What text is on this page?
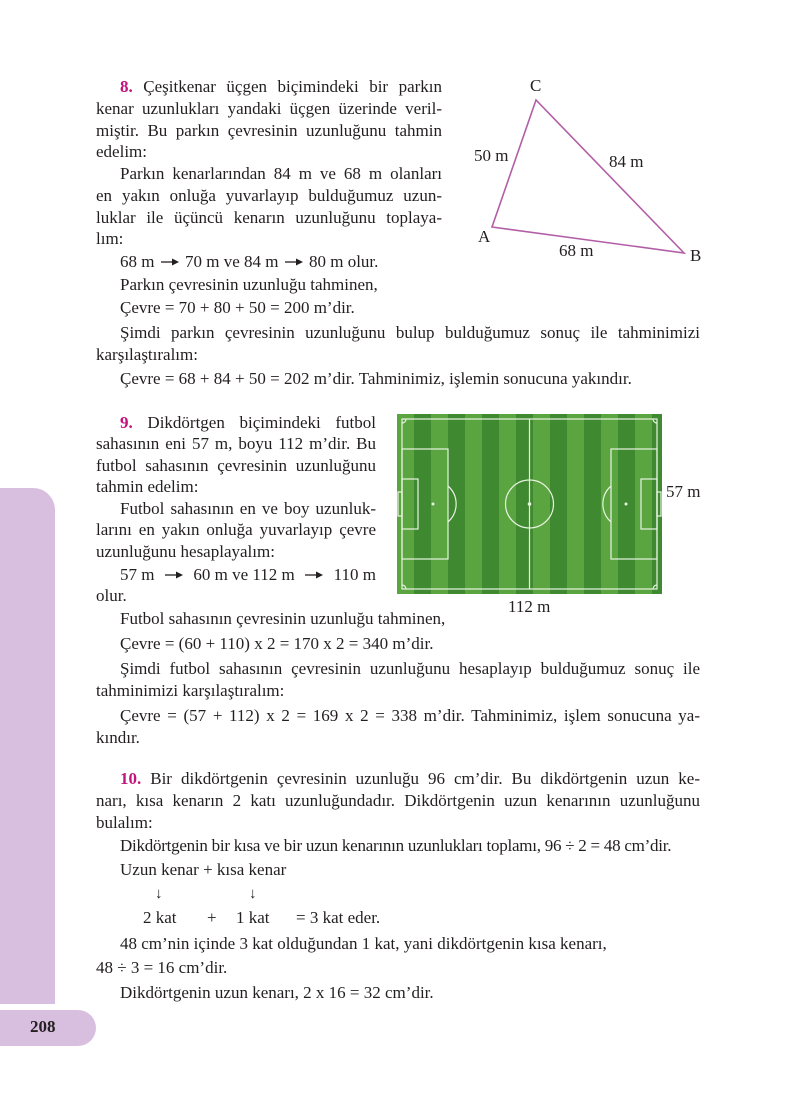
208
8. Çeşitkenar üçgen biçimindeki bir parkın
kenar uzunlukları yandaki üçgen üzerinde veril-
miştir. Bu parkın çevresinin uzunluğunu tahmin
edelim:
Parkın kenarlarından 84 m ve 68 m olanları
en yakın onluğa yuvarlayıp bulduğumuz uzun-
luklar ile üçüncü kenarın uzunluğunu toplaya-
lım:
68 m 70 m ve 84 m 80 m olur.
Parkın çevresinin uzunluğu tahminen,
Çevre = 70 + 80 + 50 = 200 m’dir.
Şimdi parkın çevresinin uzunluğunu bulup bulduğumuz sonuç ile tahminimizi
karşılaştıralım:
Çevre = 68 + 84 + 50 = 202 m’dir. Tahminimiz, işlemin sonucuna yakındır.
C
A
B
50 m	84 m
68 m
9. Dikdörtgen biçimindeki futbol
sahasının eni 57 m, boyu 112 m’dir. Bu
futbol sahasının çevresinin uzunluğunu
tahmin edelim:
Futbol sahasının en ve boy uzunluk-
larını en yakın onluğa yuvarlayıp çevre
uzunluğunu hesaplayalım:
57 m 60 m ve 112 m 110 m
olur.
Futbol sahasının çevresinin uzunluğu tahminen,
Çevre = (60 + 110) x 2 = 170 x 2 = 340 m’dir.
Şimdi futbol sahasının çevresinin uzunluğunu hesaplayıp bulduğumuz sonuç ile
tahminimizi karşılaştıralım:
Çevre = (57 + 112) x 2 = 169 x 2 = 338 m’dir. Tahminimiz, işlem sonucuna ya-
kındır.
57 m
112 m
10. Bir dikdörtgenin çevresinin uzunluğu 96 cm’dir. Bu dikdörtgenin uzun ke-
narı, kısa kenarın 2 katı uzunluğundadır. Dikdörtgenin uzun kenarının uzunluğunu
bulalım:
Dikdörtgenin bir kısa ve bir uzun kenarının uzunlukları toplamı, 96 ÷ 2 = 48 cm’dir.
Uzun kenar + kısa kenar
↓	↓
2 kat + 1 kat = 3 kat eder.
48 cm’nin içinde 3 kat olduğundan 1 kat, yani dikdörtgenin kısa kenarı,
48 ÷ 3 = 16 cm’dir.
Dikdörtgenin uzun kenarı, 2 x 16 = 32 cm’dir.
